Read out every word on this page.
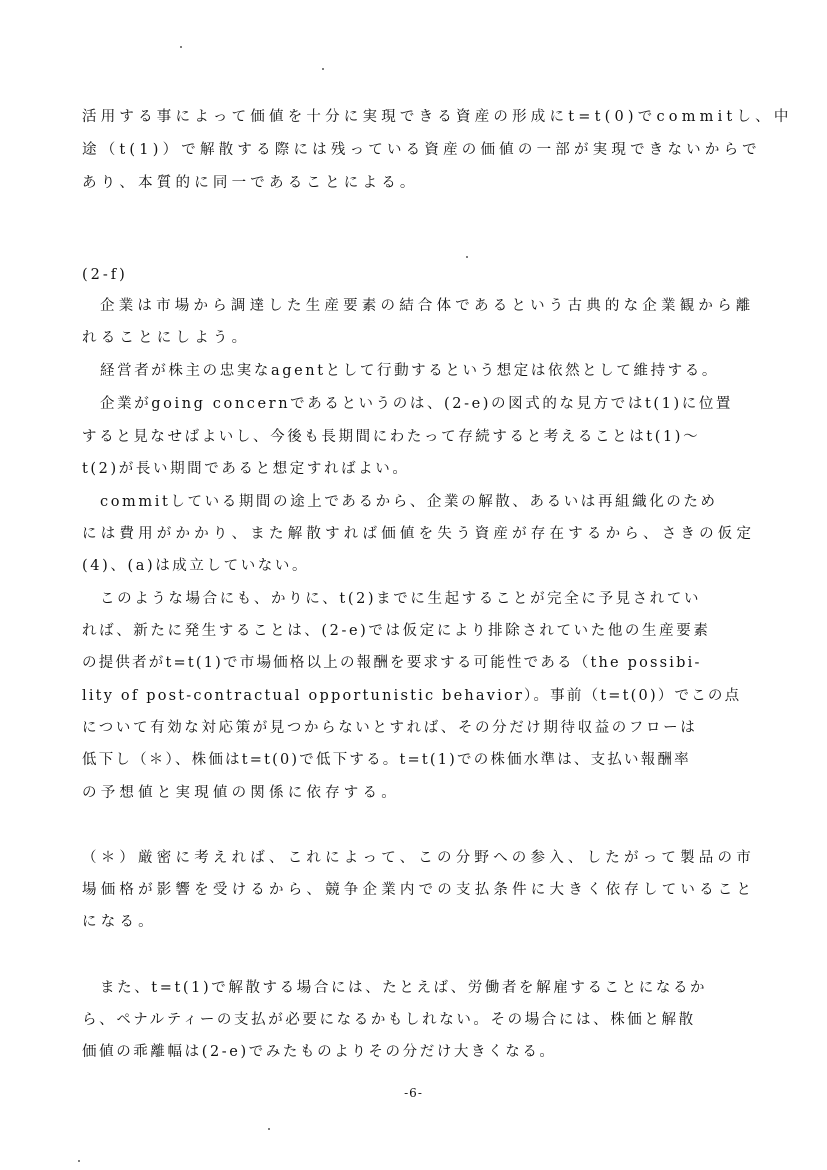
活用する事によって価値を十分に実現できる資産の形成にt=t(0)でcommitし、中
途（t(1)）で解散する際には残っている資産の価値の一部が実現できないからで
あり、本質的に同一であることによる。
(2-f)
企業は市場から調達した生産要素の結合体であるという古典的な企業観から離
れることにしよう。
経営者が株主の忠実なagentとして行動するという想定は依然として維持する。
企業がgoing concernであるというのは、(2-e)の図式的な見方ではt(1)に位置
すると見なせばよいし、今後も長期間にわたって存続すると考えることはt(1)～
t(2)が長い期間であると想定すればよい。
commitしている期間の途上であるから、企業の解散、あるいは再組織化のため
には費用がかかり、また解散すれば価値を失う資産が存在するから、さきの仮定
(4)、(a)は成立していない。
このような場合にも、かりに、t(2)までに生起することが完全に予見されてい
れば、新たに発生することは、(2-e)では仮定により排除されていた他の生産要素
の提供者がt=t(1)で市場価格以上の報酬を要求する可能性である（the possibi-
lity of post-contractual opportunistic behavior）。事前（t=t(0)）でこの点
について有効な対応策が見つからないとすれば、その分だけ期待収益のフローは
低下し（＊）、株価はt=t(0)で低下する。t=t(1)での株価水準は、支払い報酬率
の予想値と実現値の関係に依存する。
（＊）厳密に考えれば、これによって、この分野への参入、したがって製品の市
場価格が影響を受けるから、競争企業内での支払条件に大きく依存していること
になる。
また、t=t(1)で解散する場合には、たとえば、労働者を解雇することになるか
ら、ペナルティーの支払が必要になるかもしれない。その場合には、株価と解散
価値の乖離幅は(2-e)でみたものよりその分だけ大きくなる。
-6-
